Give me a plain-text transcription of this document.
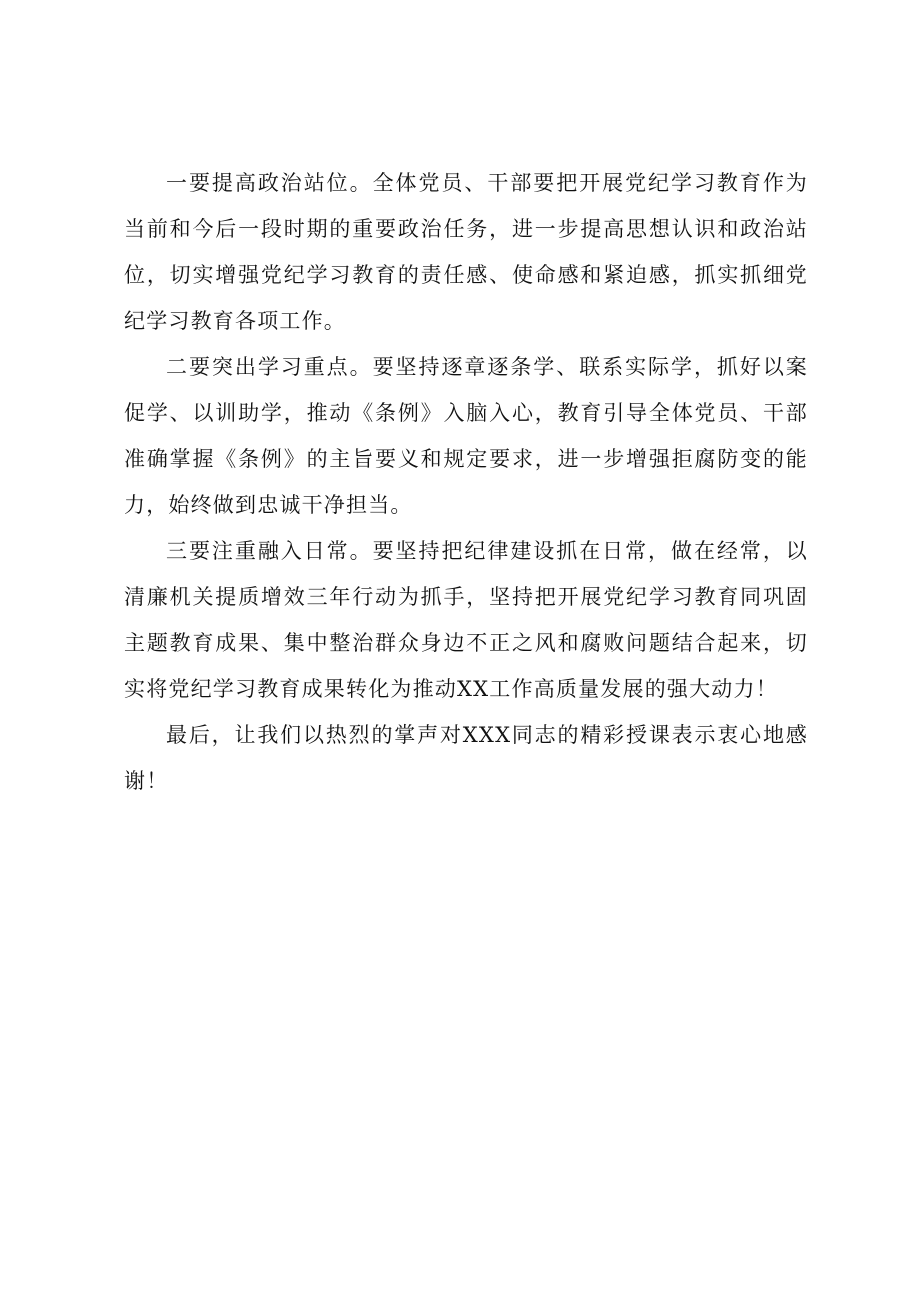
一要提高政治站位。全体党员、干部要把开展党纪学习教育作为当前和今后一段时期的重要政治任务，进一步提高思想认识和政治站位，切实增强党纪学习教育的责任感、使命感和紧迫感，抓实抓细党纪学习教育各项工作。

二要突出学习重点。要坚持逐章逐条学、联系实际学，抓好以案促学、以训助学，推动《条例》入脑入心，教育引导全体党员、干部准确掌握《条例》的主旨要义和规定要求，进一步增强拒腐防变的能力，始终做到忠诚干净担当。

三要注重融入日常。要坚持把纪律建设抓在日常，做在经常，以清廉机关提质增效三年行动为抓手，坚持把开展党纪学习教育同巩固主题教育成果、集中整治群众身边不正之风和腐败问题结合起来，切实将党纪学习教育成果转化为推动XX工作高质量发展的强大动力！

最后，让我们以热烈的掌声对XXX同志的精彩授课表示衷心地感谢！
